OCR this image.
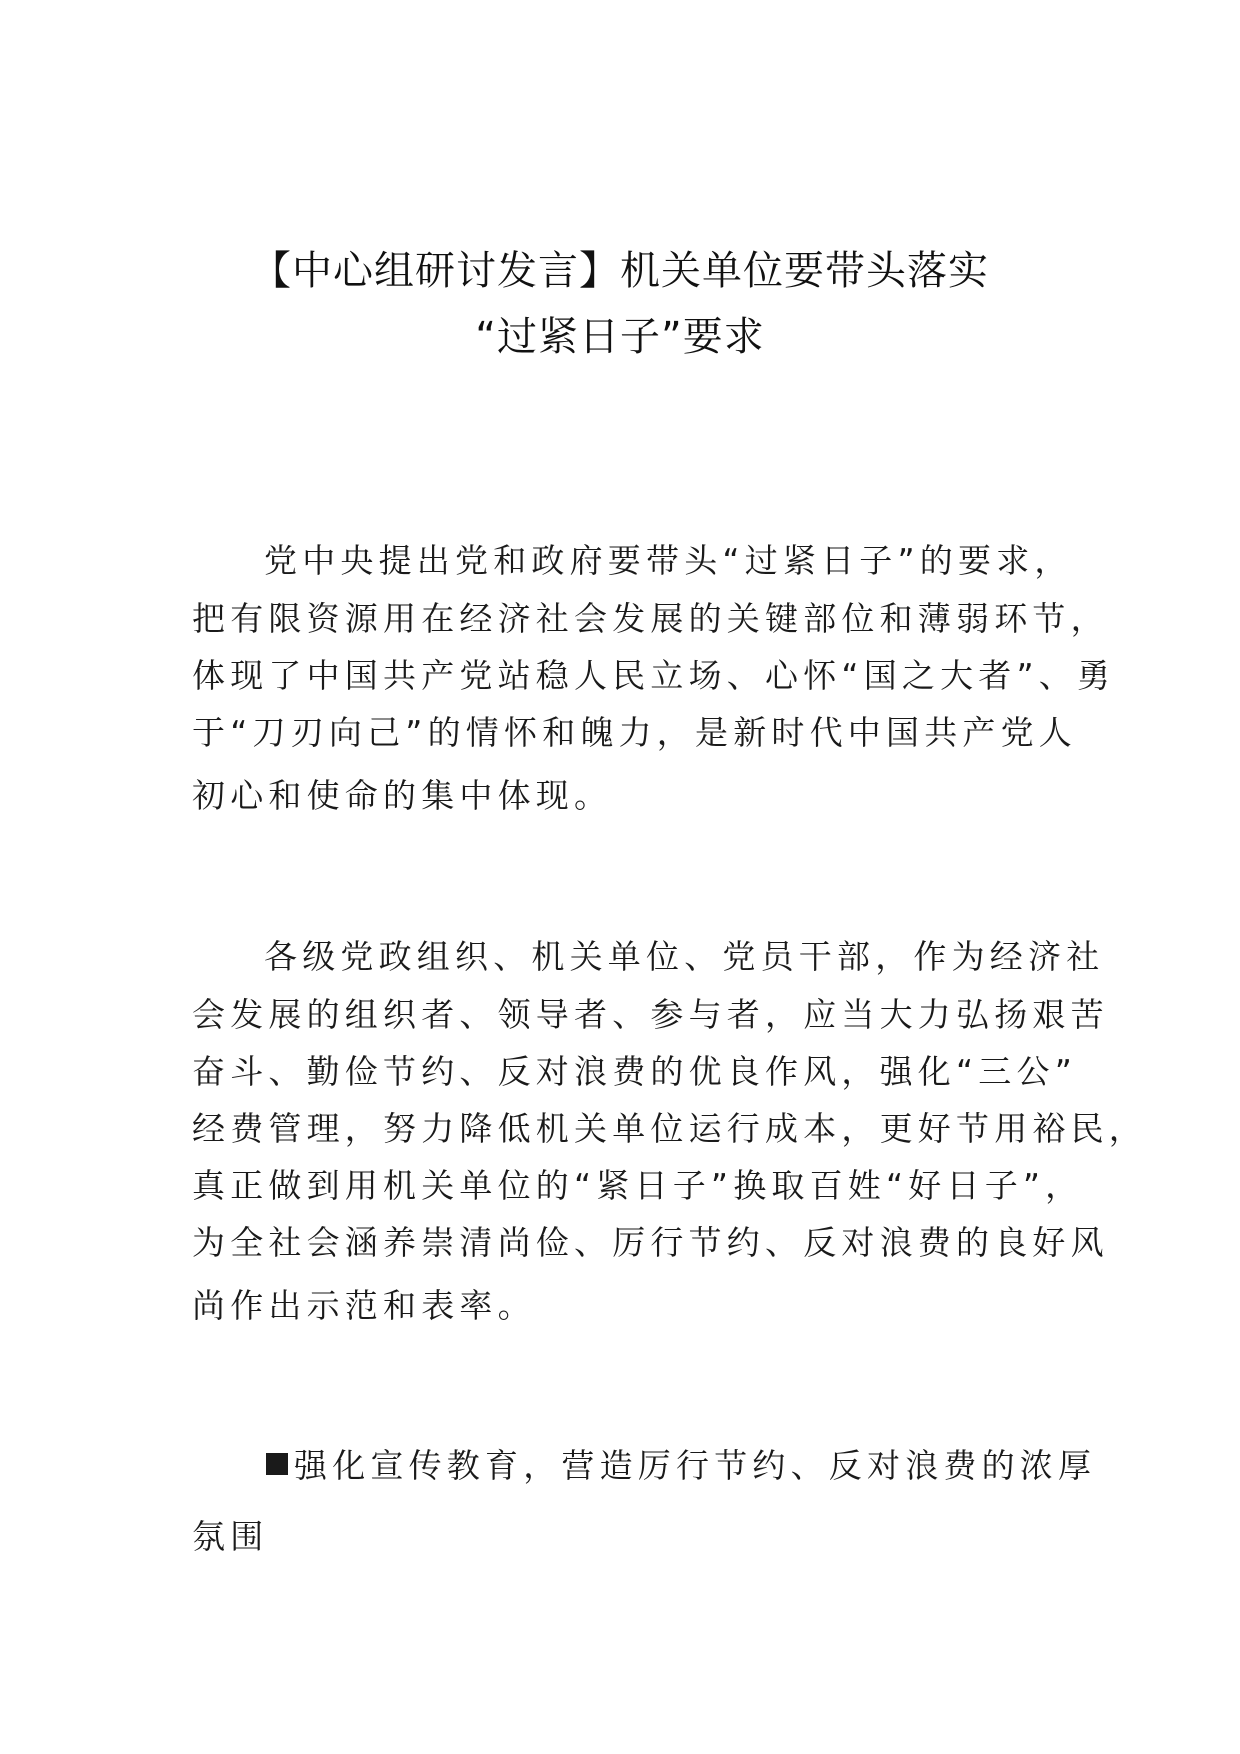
【中心组研讨发言】机关单位要带头落实
“过紧日子”要求
党中央提出党和政府要带头“过紧日子”的要求，
把有限资源用在经济社会发展的关键部位和薄弱环节，
体现了中国共产党站稳人民立场、心怀“国之大者”、勇
于“刀刃向己”的情怀和魄力，是新时代中国共产党人
初心和使命的集中体现。
各级党政组织、机关单位、党员干部，作为经济社
会发展的组织者、领导者、参与者，应当大力弘扬艰苦
奋斗、勤俭节约、反对浪费的优良作风，强化“三公”
经费管理，努力降低机关单位运行成本，更好节用裕民，
真正做到用机关单位的“紧日子”换取百姓“好日子”，
为全社会涵养崇清尚俭、厉行节约、反对浪费的良好风
尚作出示范和表率。
强化宣传教育，营造厉行节约、反对浪费的浓厚
氛围
